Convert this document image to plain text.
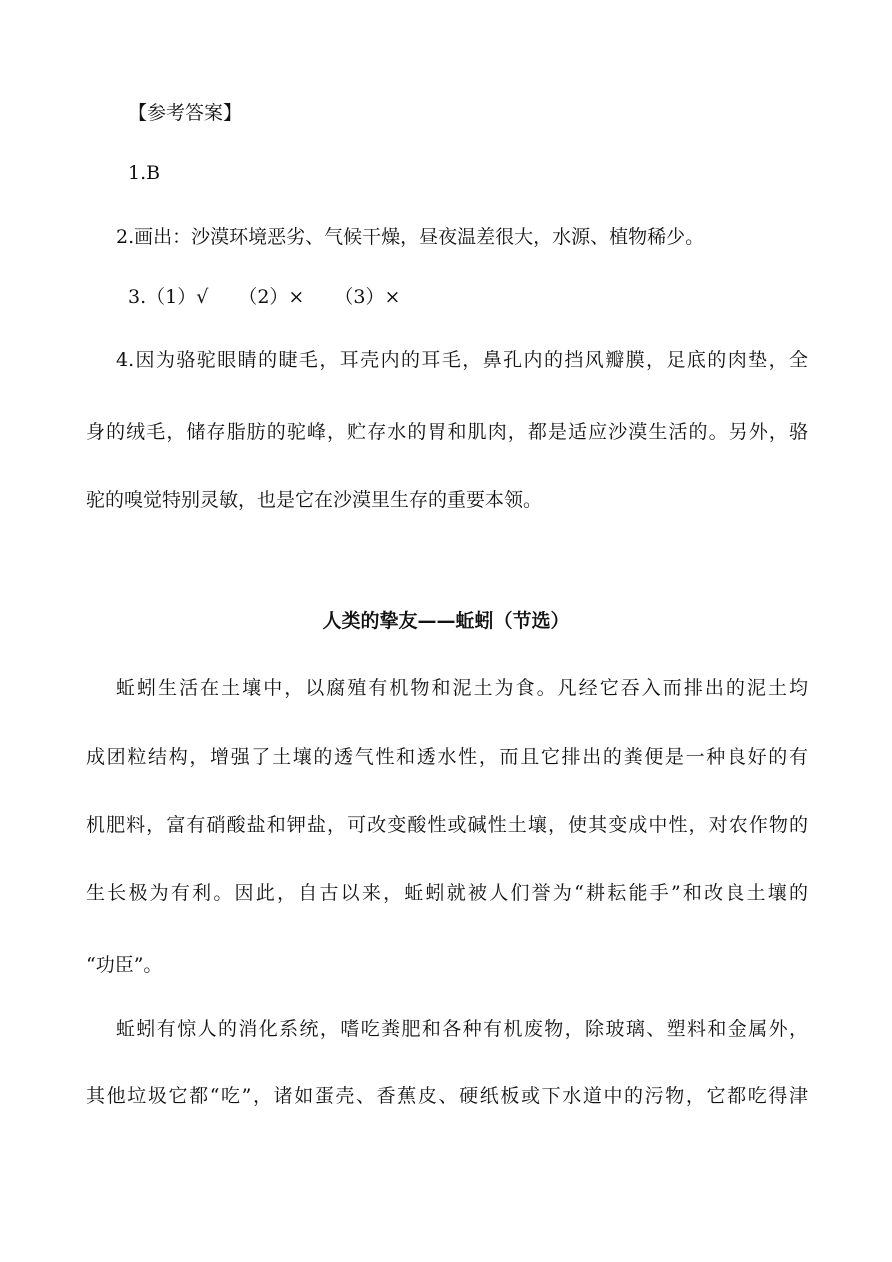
【参考答案】
1.B
2.画出：沙漠环境恶劣、气候干燥，昼夜温差很大，水源、植物稀少。
3.（1）√ （2）× （3）×
4.因为骆驼眼睛的睫毛，耳壳内的耳毛，鼻孔内的挡风瓣膜，足底的肉垫，全
身的绒毛，储存脂肪的驼峰，贮存水的胃和肌肉，都是适应沙漠生活的。另外，骆
驼的嗅觉特别灵敏，也是它在沙漠里生存的重要本领。
人类的挚友——蚯蚓（节选）
蚯蚓生活在土壤中，以腐殖有机物和泥土为食。凡经它吞入而排出的泥土均
成团粒结构，增强了土壤的透气性和透水性，而且它排出的粪便是一种良好的有
机肥料，富有硝酸盐和钾盐，可改变酸性或碱性土壤，使其变成中性，对农作物的
生长极为有利。因此，自古以来，蚯蚓就被人们誉为“耕耘能手”和改良土壤的
“功臣”。
蚯蚓有惊人的消化系统，嗜吃粪肥和各种有机废物，除玻璃、塑料和金属外，
其他垃圾它都“吃”，诸如蛋壳、香蕉皮、硬纸板或下水道中的污物，它都吃得津
